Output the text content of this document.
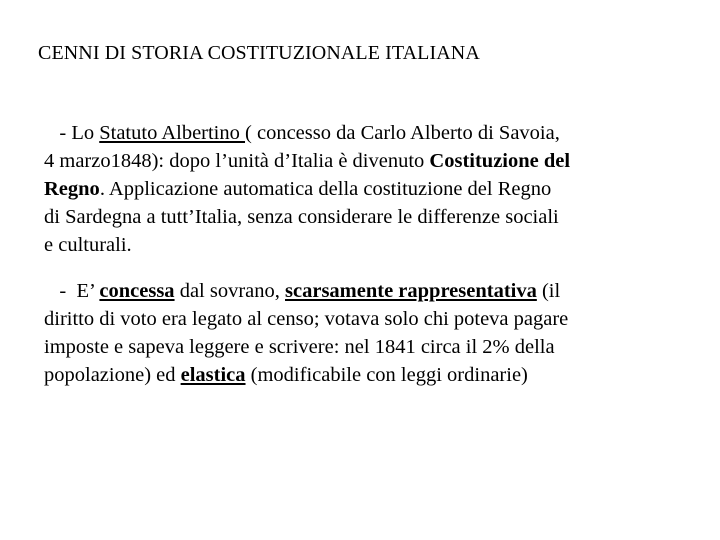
CENNI DI STORIA COSTITUZIONALE ITALIANA
- Lo Statuto Albertino ( concesso da Carlo Alberto di Savoia,
4 marzo1848): dopo l’unità d’Italia è divenuto Costituzione del
Regno. Applicazione automatica della costituzione del Regno
di Sardegna a tutt’Italia, senza considerare le differenze sociali
e culturali.
-  E’ concessa dal sovrano, scarsamente rappresentativa (il
diritto di voto era legato al censo; votava solo chi poteva pagare
imposte e sapeva leggere e scrivere: nel 1841 circa il 2% della
popolazione) ed elastica (modificabile con leggi ordinarie)
